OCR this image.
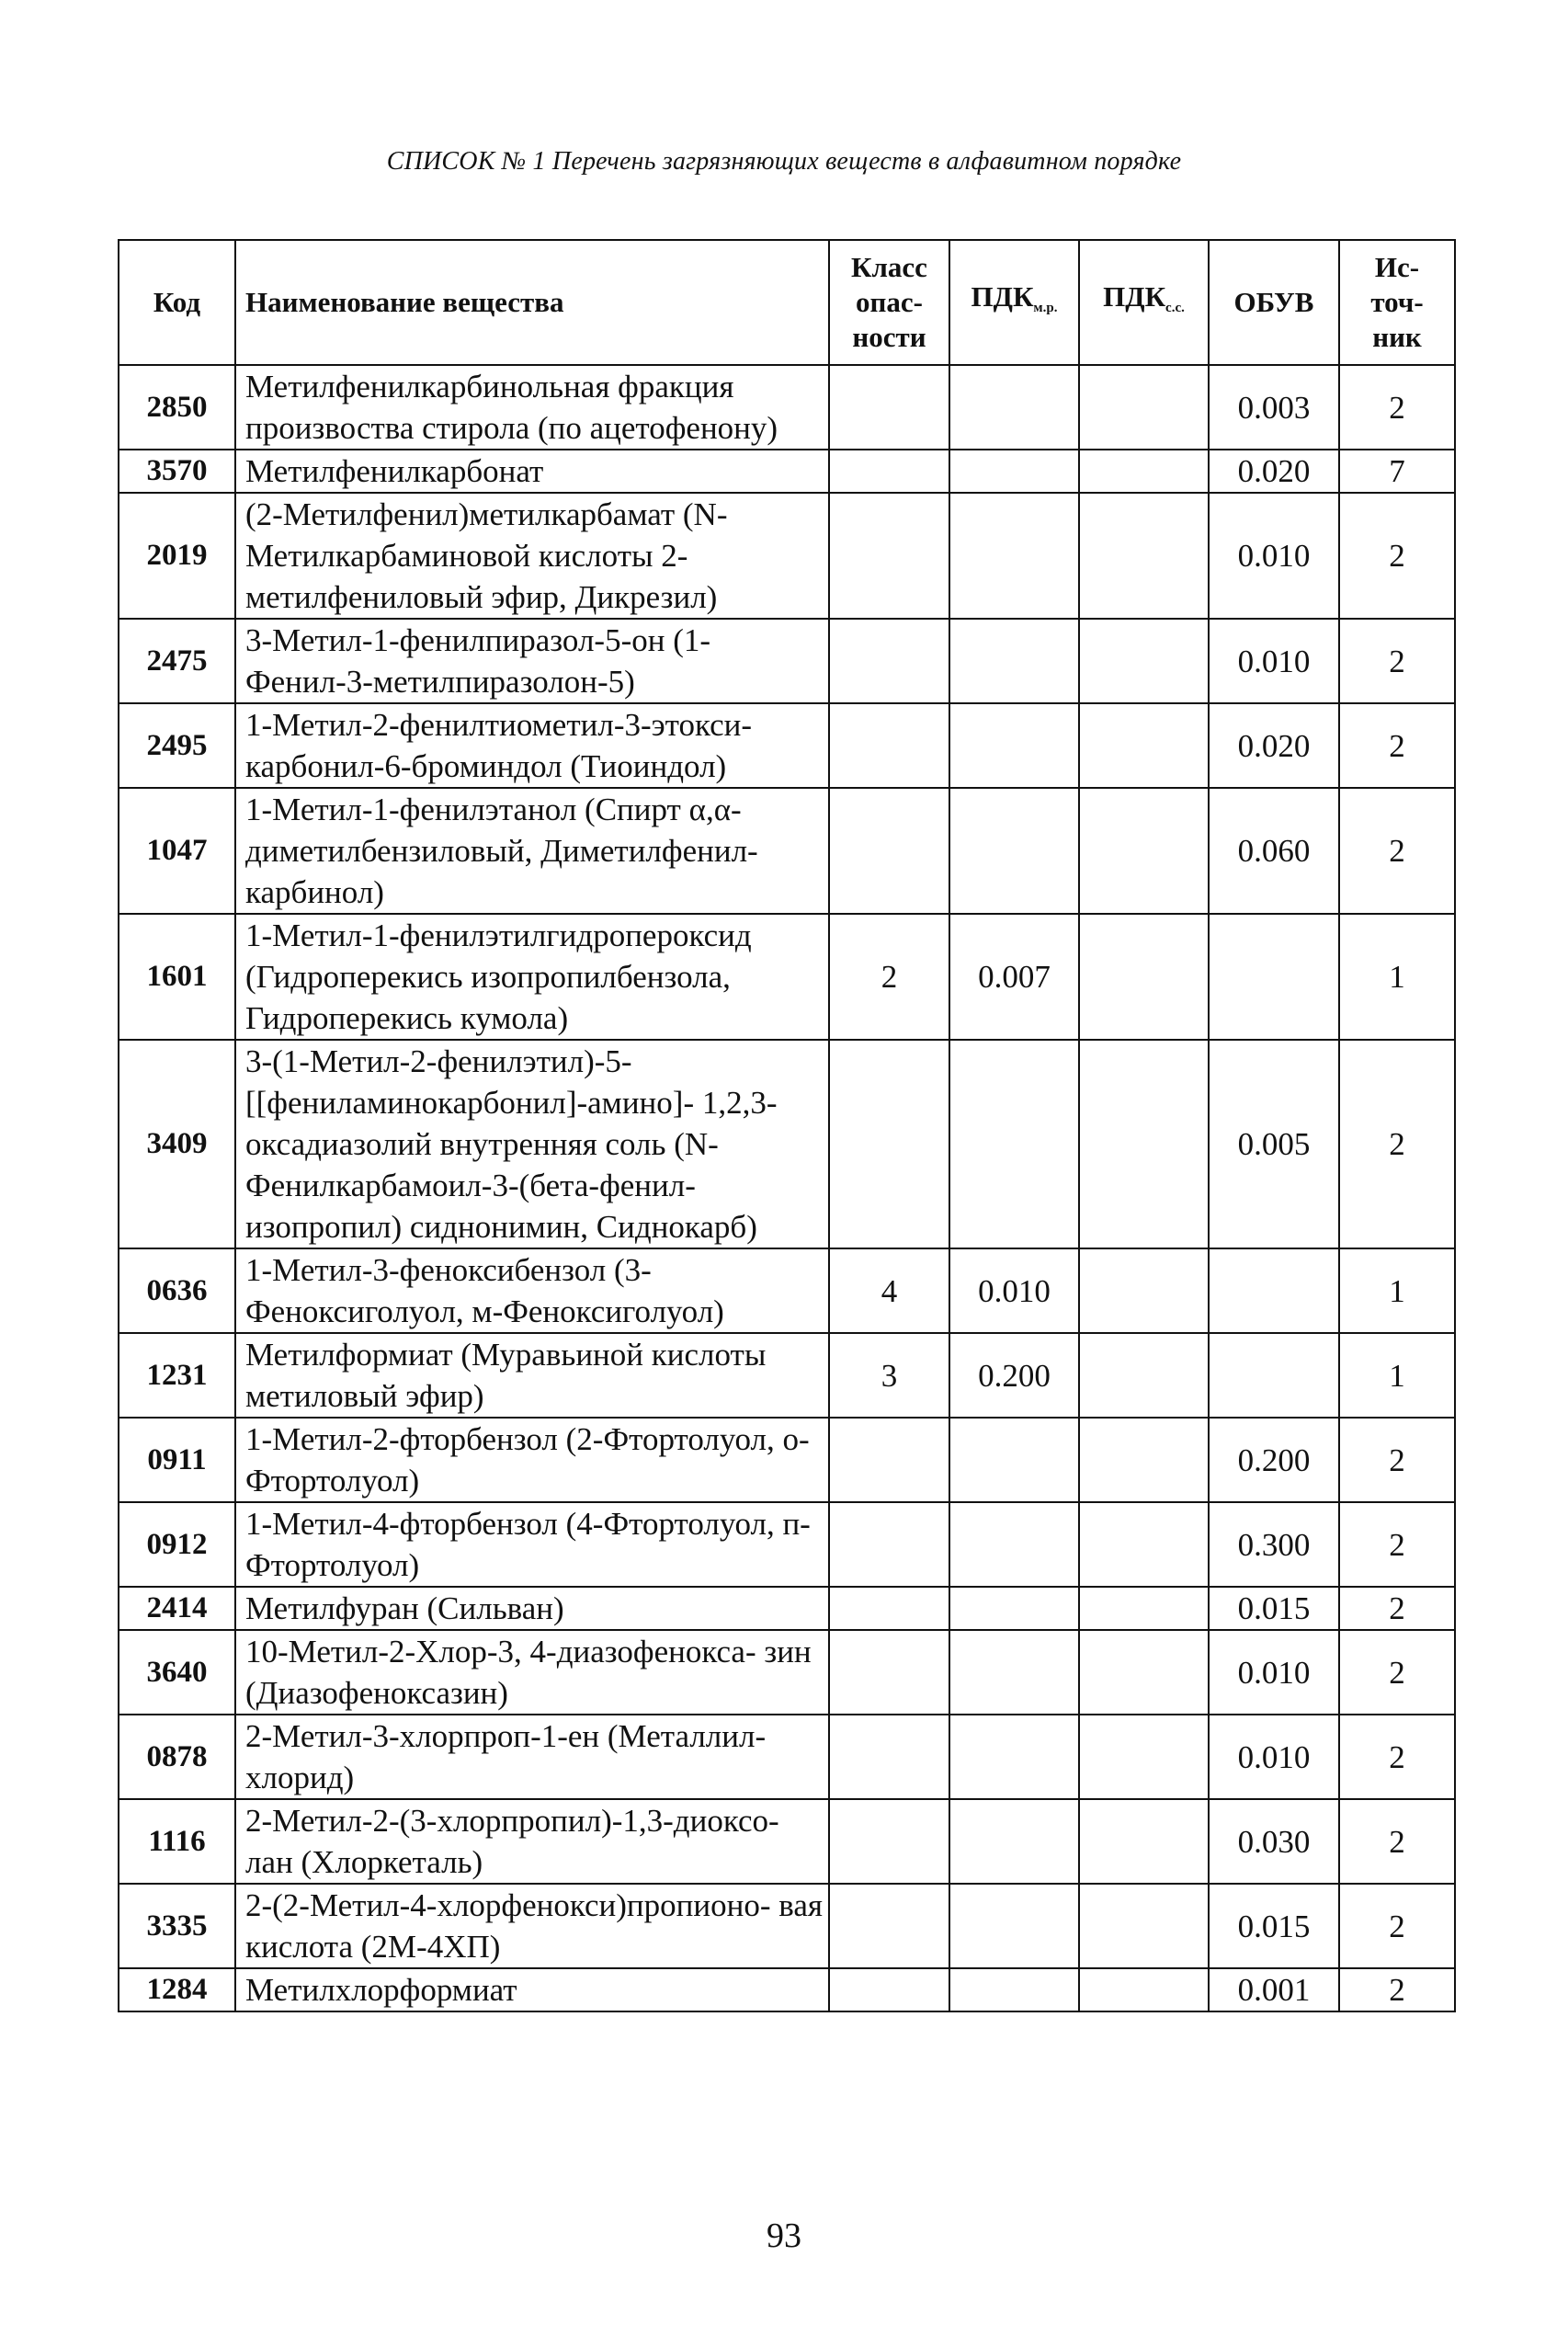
СПИСОК № 1 Перечень загрязняющих веществ в алфавитном порядке
Код	Наименование вещества	Класс опас- ности	$ПДК_{м.р.}$	$ПДК_{с.с.}$	ОБУВ	Ис- точ- ник
2850	Метилфенилкарбинольная фракция произвоства стирола (по ацетофенону)				0.003	2
3570	Метилфенилкарбонат				0.020	7
2019	(2-Метилфенил)метилкарбамат (N-Метилкарбаминовой кислоты 2-метилфениловый эфир, Дикрезил)				0.010	2
2475	3-Метил-1-фенилпиразол-5-он (1-Фенил-3-метилпиразолон-5)				0.010	2
2495	1-Метил-2-фенилтиометил-3-этокси- карбонил-6-броминдол (Тиоиндол)				0.020	2
1047	1-Метил-1-фенилэтанол (Спирт α,α- диметилбензиловый, Диметилфенил- карбинол)				0.060	2
1601	1-Метил-1-фенилэтилгидропероксид (Гидроперекись изопропилбензола, Гидроперекись кумола)	2	0.007			1
3409	3-(1-Метил-2-фенилэтил)-5- [[фениламинокарбонил]-амино]- 1,2,3-оксадиазолий внутренняя соль (N-Фенилкарбамоил-3-(бета-фенил- изопропил) сиднонимин, Сиднокарб)				0.005	2
0636	1-Метил-3-феноксибензол (3-Феноксиголуол, м-Феноксиголуол)	4	0.010			1
1231	Метилформиат (Муравьиной кислоты метиловый эфир)	3	0.200			1
0911	1-Метил-2-фторбензол (2-Фтортолуол, о-Фтортолуол)				0.200	2
0912	1-Метил-4-фторбензол (4-Фтортолуол, п-Фтортолуол)				0.300	2
2414	Метилфуран (Сильван)				0.015	2
3640	10-Метил-2-Хлор-3, 4-диазофенокса- зин (Диазофеноксазин)				0.010	2
0878	2-Метил-3-хлорпроп-1-ен (Металлил- хлорид)				0.010	2
1116	2-Метил-2-(3-хлорпропил)-1,3-диоксо- лан (Хлоркеталь)				0.030	2
3335	2-(2-Метил-4-хлорфенокси)пропионо- вая кислота (2М-4ХП)				0.015	2
1284	Метилхлорформиат				0.001	2
93
